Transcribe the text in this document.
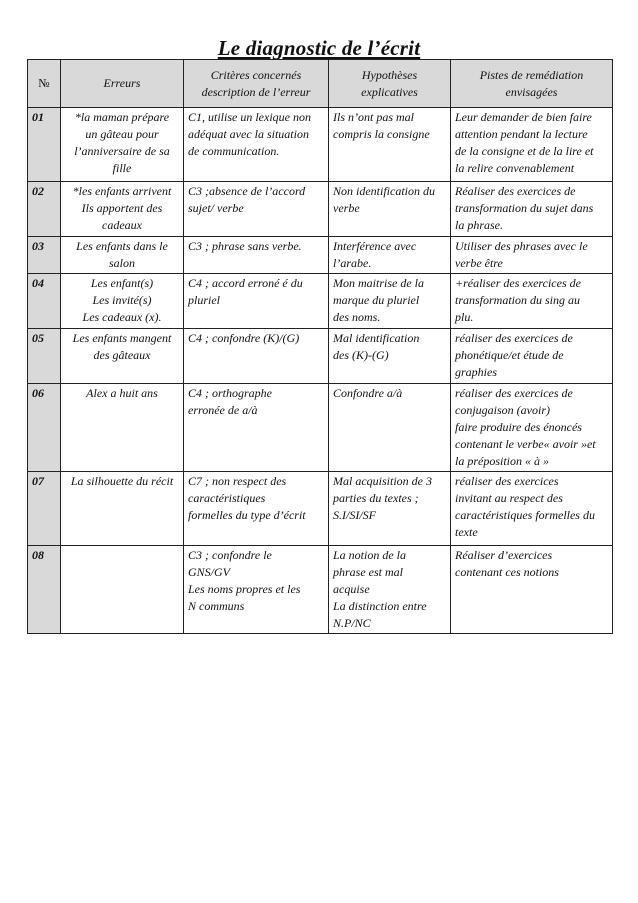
Le diagnostic de l’écrit
№	Erreurs	Critères concernés description de l’erreur	Hypothèses explicatives	Pistes de remédiation envisagées
01	*la maman prépare
un gâteau pour
l’anniversaire de sa
fille	C1, utilise un lexique non
adéquat avec la situation
de communication.	Ils n’ont pas mal
compris la consigne	Leur demander de bien faire
attention pendant la lecture
de la consigne et de la lire et
la relire convenablement

02	*les enfants arrivent
Ils apportent des
cadeaux	C3 ;absence de l’accord
sujet/ verbe	Non identification du
verbe	Réaliser des exercices de
transformation du sujet dans
la phrase.

03	Les enfants dans le
salon	C3 ; phrase sans verbe.	Interférence avec
l’arabe.	Utiliser des phrases avec le
verbe être

04	Les enfant(s)
Les invité(s)
Les cadeaux (x).	C4 ; accord erroné é du
pluriel	Mon maitrise de la
marque du pluriel
des noms.	+réaliser des exercices de
transformation du sing au
plu.

05	Les enfants mangent
des gâteaux	C4 ; confondre (K)/(G)	Mal identification
des (K)-(G)	réaliser des exercices de
phonétique/et étude de
graphies

06	Alex a huit ans	C4 ; orthographe
erronée de a/à	Confondre a/à	réaliser des exercices de
conjugaison (avoir)
faire produire des énoncés
contenant le verbe« avoir »et
la préposition « à »

07	La silhouette du récit	C7 ; non respect des
caractéristiques
formelles du type d’écrit	Mal acquisition de 3
parties du textes ;
S.I/SI/SF	réaliser des exercices
invitant au respect des
caractéristiques formelles du
texte

08		C3 ; confondre le
GNS/GV
Les noms propres et les
N communs	La notion de la
phrase est mal
acquise
La distinction entre
N.P/NC	Réaliser d’exercices
contenant ces notions
